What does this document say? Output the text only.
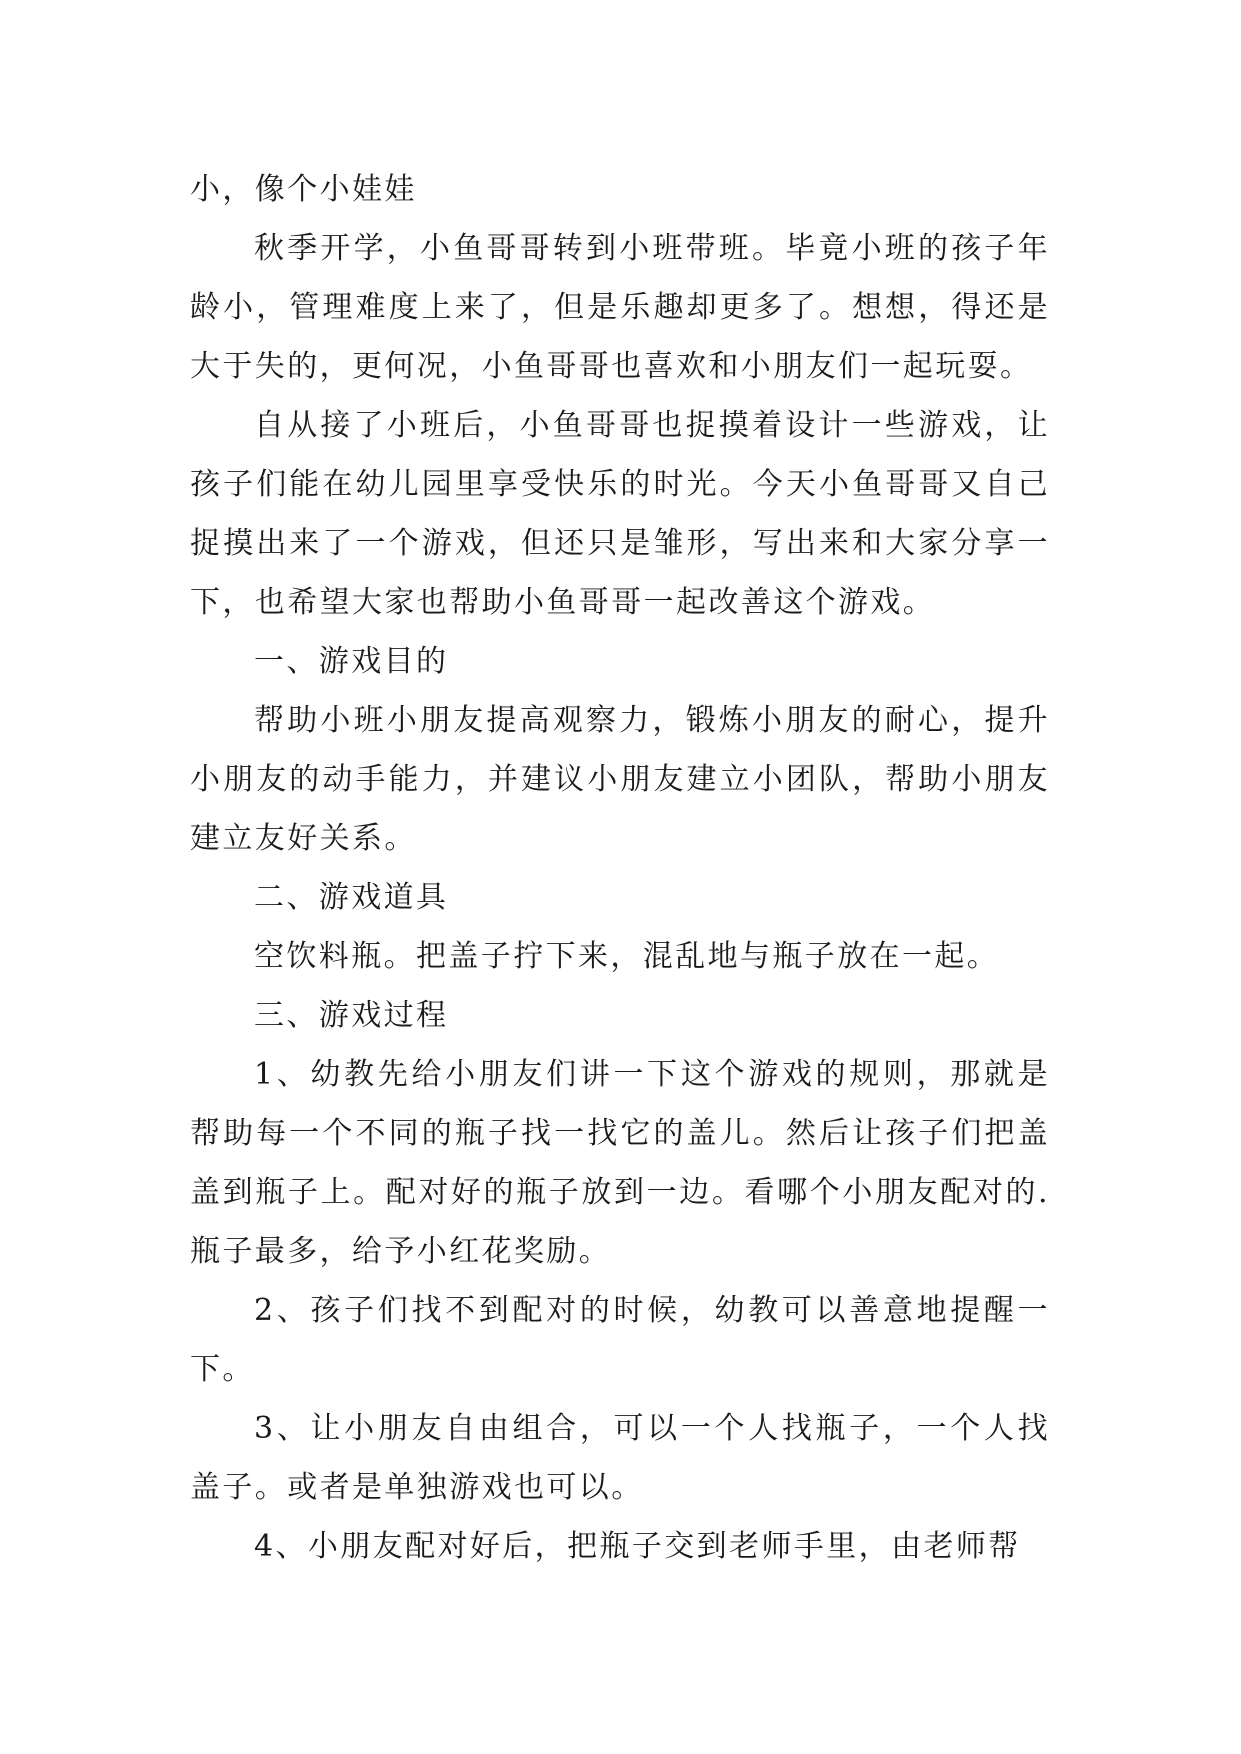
小，像个小娃娃

秋季开学，小鱼哥哥转到小班带班。毕竟小班的孩子年龄小，管理难度上来了，但是乐趣却更多了。想想，得还是大于失的，更何况，小鱼哥哥也喜欢和小朋友们一起玩耍。

自从接了小班后，小鱼哥哥也捉摸着设计一些游戏，让孩子们能在幼儿园里享受快乐的时光。今天小鱼哥哥又自己捉摸出来了一个游戏，但还只是雏形，写出来和大家分享一下，也希望大家也帮助小鱼哥哥一起改善这个游戏。

一、游戏目的

帮助小班小朋友提高观察力，锻炼小朋友的耐心，提升小朋友的动手能力，并建议小朋友建立小团队，帮助小朋友建立友好关系。

二、游戏道具

空饮料瓶。把盖子拧下来，混乱地与瓶子放在一起。

三、游戏过程

1、幼教先给小朋友们讲一下这个游戏的规则，那就是帮助每一个不同的瓶子找一找它的盖儿。然后让孩子们把盖盖到瓶子上。配对好的瓶子放到一边。看哪个小朋友配对的.瓶子最多，给予小红花奖励。

2、孩子们找不到配对的时候，幼教可以善意地提醒一下。

3、让小朋友自由组合，可以一个人找瓶子，一个人找盖子。或者是单独游戏也可以。

4、小朋友配对好后，把瓶子交到老师手里，由老师帮
